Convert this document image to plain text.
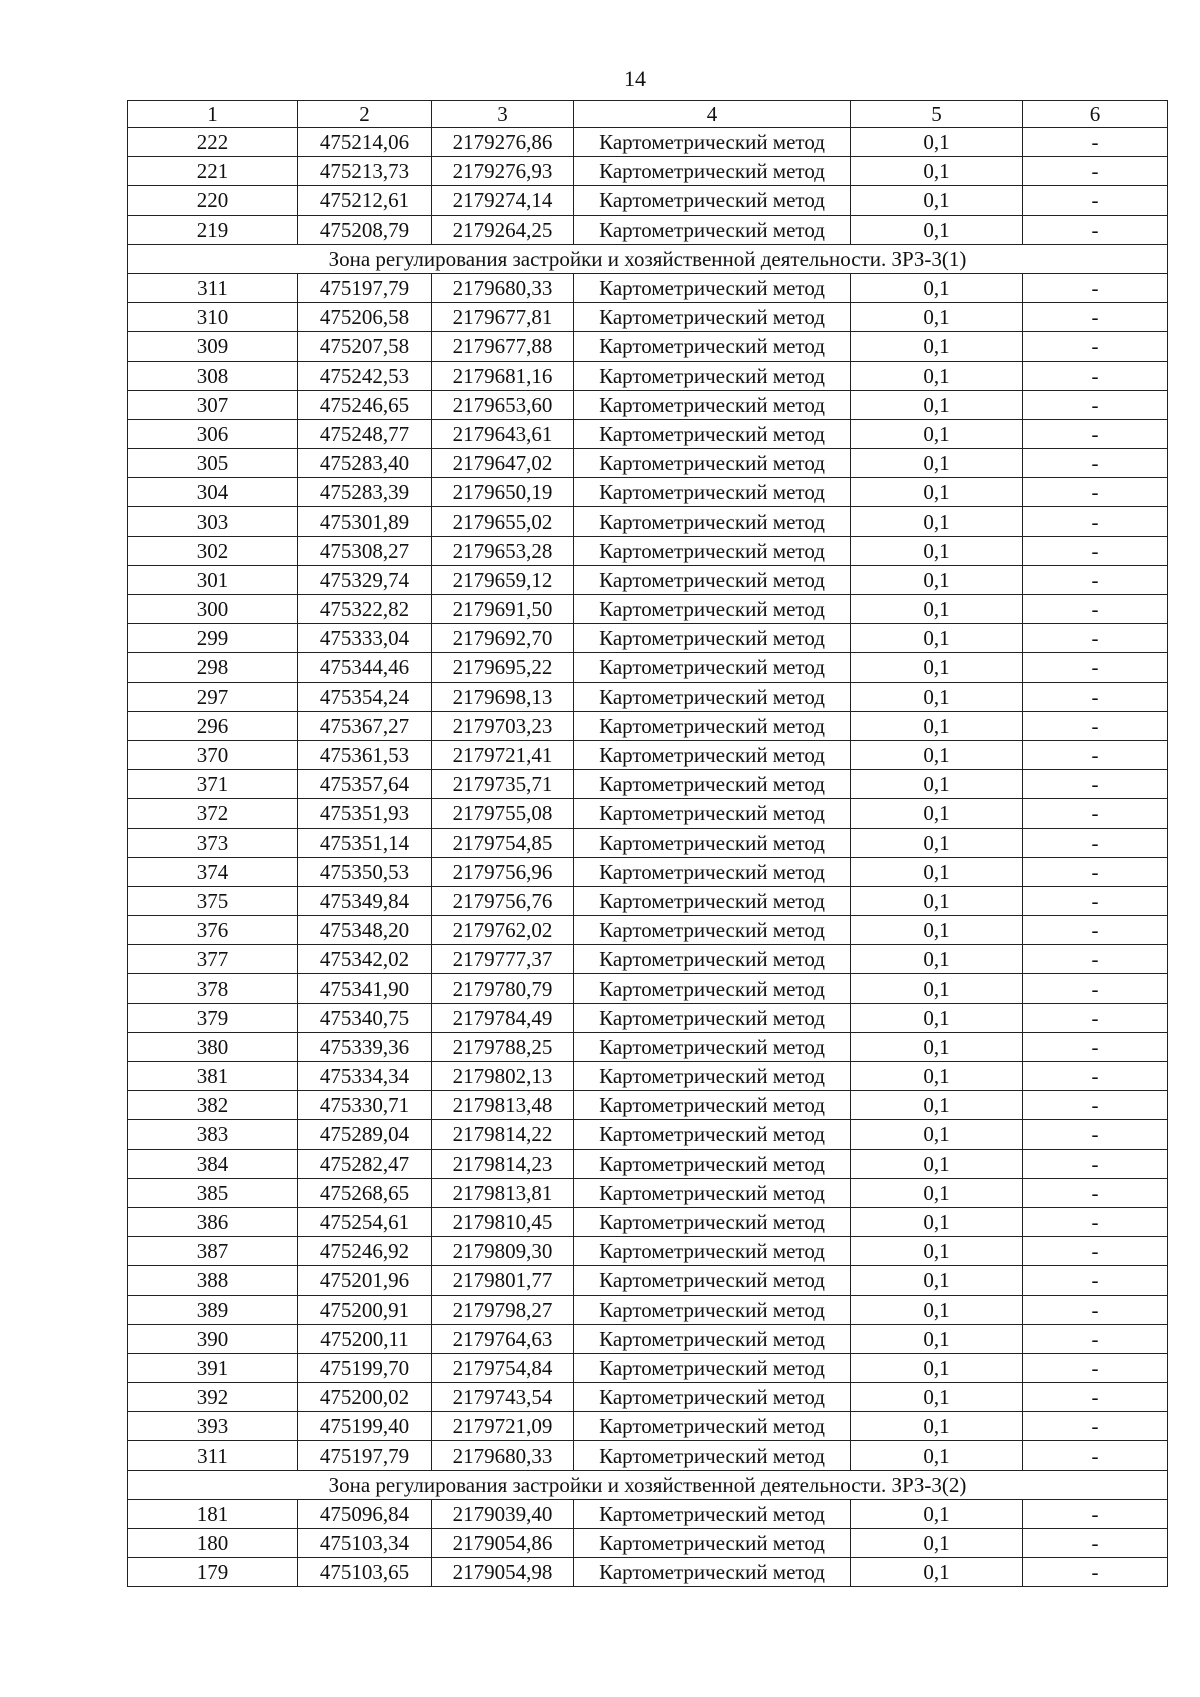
14
1	2	3	4	5	6
222	475214,06	2179276,86	Картометрический метод	0,1	-
221	475213,73	2179276,93	Картометрический метод	0,1	-
220	475212,61	2179274,14	Картометрический метод	0,1	-
219	475208,79	2179264,25	Картометрический метод	0,1	-
Зона регулирования застройки и хозяйственной деятельности. ЗРЗ-3(1)					
311	475197,79	2179680,33	Картометрический метод	0,1	-
310	475206,58	2179677,81	Картометрический метод	0,1	-
309	475207,58	2179677,88	Картометрический метод	0,1	-
308	475242,53	2179681,16	Картометрический метод	0,1	-
307	475246,65	2179653,60	Картометрический метод	0,1	-
306	475248,77	2179643,61	Картометрический метод	0,1	-
305	475283,40	2179647,02	Картометрический метод	0,1	-
304	475283,39	2179650,19	Картометрический метод	0,1	-
303	475301,89	2179655,02	Картометрический метод	0,1	-
302	475308,27	2179653,28	Картометрический метод	0,1	-
301	475329,74	2179659,12	Картометрический метод	0,1	-
300	475322,82	2179691,50	Картометрический метод	0,1	-
299	475333,04	2179692,70	Картометрический метод	0,1	-
298	475344,46	2179695,22	Картометрический метод	0,1	-
297	475354,24	2179698,13	Картометрический метод	0,1	-
296	475367,27	2179703,23	Картометрический метод	0,1	-
370	475361,53	2179721,41	Картометрический метод	0,1	-
371	475357,64	2179735,71	Картометрический метод	0,1	-
372	475351,93	2179755,08	Картометрический метод	0,1	-
373	475351,14	2179754,85	Картометрический метод	0,1	-
374	475350,53	2179756,96	Картометрический метод	0,1	-
375	475349,84	2179756,76	Картометрический метод	0,1	-
376	475348,20	2179762,02	Картометрический метод	0,1	-
377	475342,02	2179777,37	Картометрический метод	0,1	-
378	475341,90	2179780,79	Картометрический метод	0,1	-
379	475340,75	2179784,49	Картометрический метод	0,1	-
380	475339,36	2179788,25	Картометрический метод	0,1	-
381	475334,34	2179802,13	Картометрический метод	0,1	-
382	475330,71	2179813,48	Картометрический метод	0,1	-
383	475289,04	2179814,22	Картометрический метод	0,1	-
384	475282,47	2179814,23	Картометрический метод	0,1	-
385	475268,65	2179813,81	Картометрический метод	0,1	-
386	475254,61	2179810,45	Картометрический метод	0,1	-
387	475246,92	2179809,30	Картометрический метод	0,1	-
388	475201,96	2179801,77	Картометрический метод	0,1	-
389	475200,91	2179798,27	Картометрический метод	0,1	-
390	475200,11	2179764,63	Картометрический метод	0,1	-
391	475199,70	2179754,84	Картометрический метод	0,1	-
392	475200,02	2179743,54	Картометрический метод	0,1	-
393	475199,40	2179721,09	Картометрический метод	0,1	-
311	475197,79	2179680,33	Картометрический метод	0,1	-
Зона регулирования застройки и хозяйственной деятельности. ЗРЗ-3(2)					
181	475096,84	2179039,40	Картометрический метод	0,1	-
180	475103,34	2179054,86	Картометрический метод	0,1	-
179	475103,65	2179054,98	Картометрический метод	0,1	-
